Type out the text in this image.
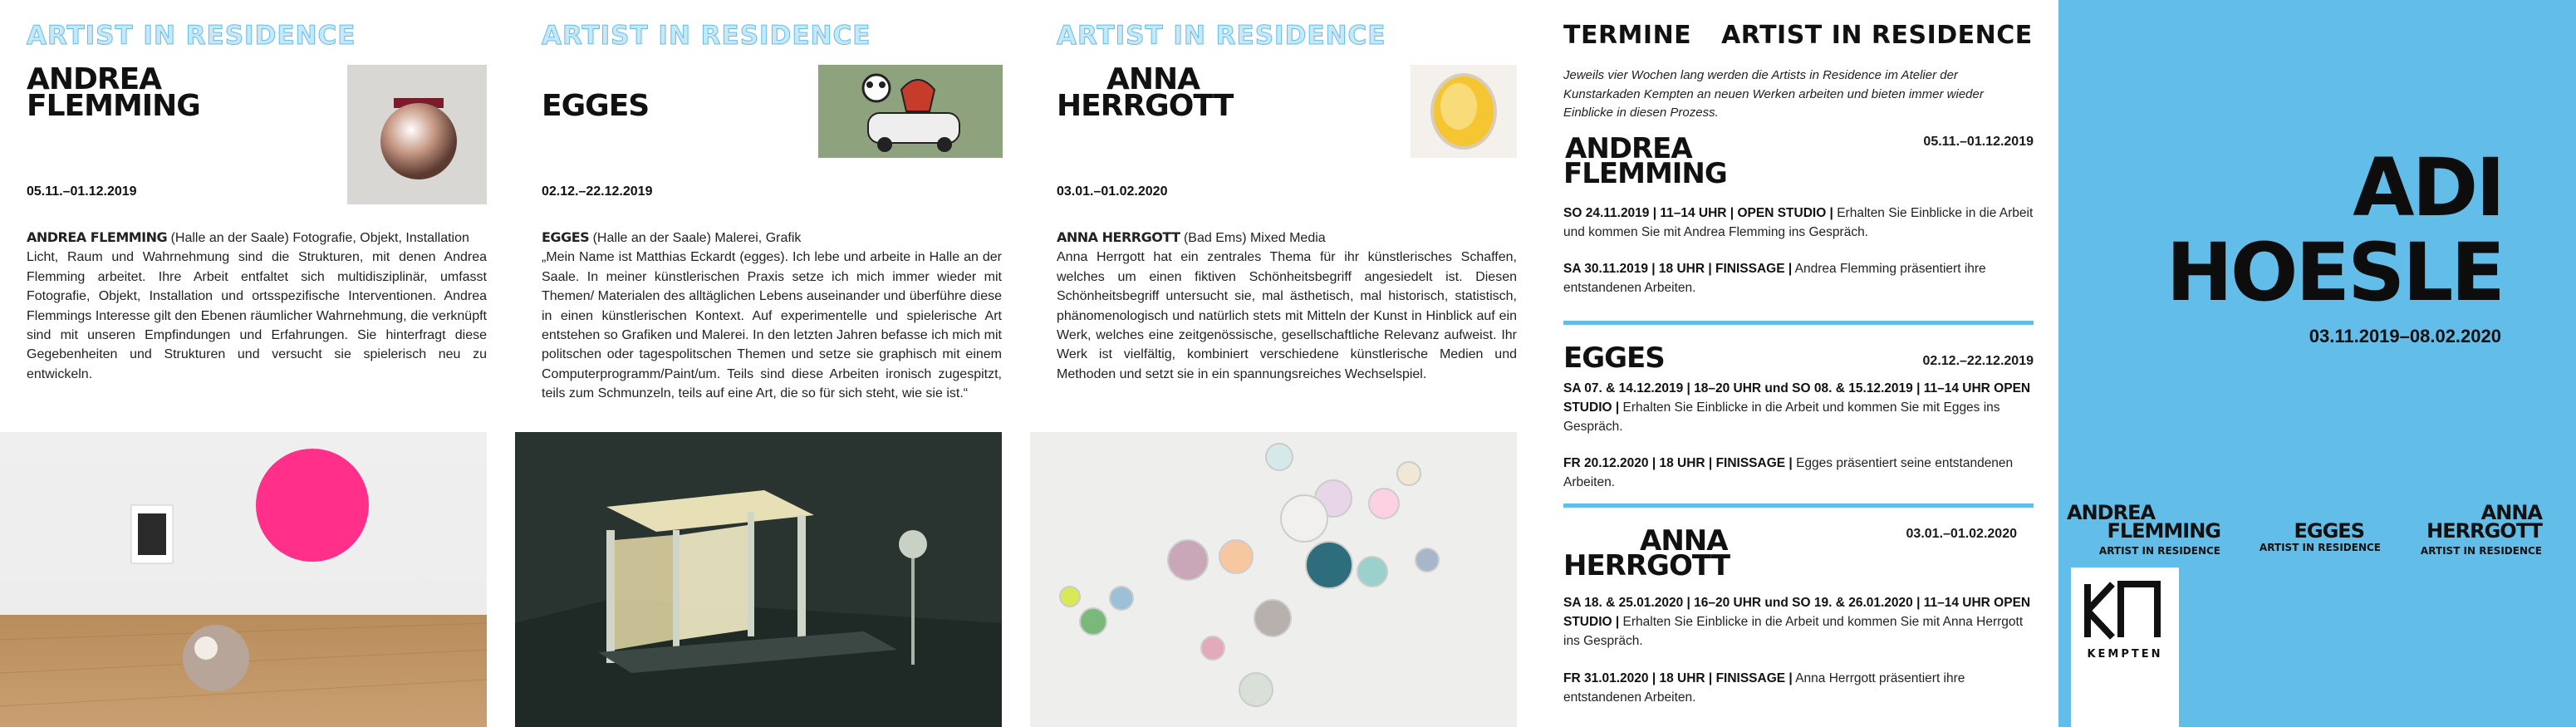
ARTIST IN RESIDENCE
ANDREA
FLEMMING
05.11.–01.12.2019
ANDREA FLEMMING (Halle an der Saale) Fotografie, Objekt, Installation
Licht, Raum und Wahrnehmung sind die Strukturen, mit denen Andrea Flemming arbeitet. Ihre Arbeit entfaltet sich multidisziplinär, umfasst Fotografie, Objekt, Installation und ortsspezifische Interventionen. Andrea Flemmings Interesse gilt den Ebenen räumlicher Wahrnehmung, die verknüpft sind mit unseren Empfindungen und Erfahrungen. Sie hinterfragt diese Gegebenheiten und Strukturen und versucht sie spielerisch neu zu entwickeln.
ARTIST IN RESIDENCE
EGGES
02.12.–22.12.2019
EGGES (Halle an der Saale) Malerei, Grafik
„Mein Name ist Matthias Eckardt (egges). Ich lebe und arbeite in Halle an der Saale. In meiner künstlerischen Praxis setze ich mich immer wieder mit Themen/ Materialen des alltäglichen Lebens auseinander und überführe diese in einen künstlerischen Kontext. Auf experimentelle und spielerische Art entstehen so Grafiken und Malerei. In den letzten Jahren befasse ich mich mit politschen oder tagespolitschen Themen und setze sie graphisch mit einem Computerprogramm/Paint/um. Teils sind diese Arbeiten ironisch zugespitzt, teils zum Schmunzeln, teils auf eine Art, die so für sich steht, wie sie ist.“
ARTIST IN RESIDENCE
ANNA
HERRGOTT
03.01.–01.02.2020
ANNA HERRGOTT (Bad Ems) Mixed Media
Anna Herrgott hat ein zentrales Thema für ihr künstlerisches Schaffen, welches um einen fiktiven Schönheitsbegriff angesiedelt ist. Diesen Schönheitsbegriff untersucht sie, mal ästhetisch, mal historisch, statistisch, phänomenologisch und natürlich stets mit Mitteln der Kunst in Hinblick auf ein Werk, welches eine zeitgenössische, gesellschaftliche Relevanz aufweist. Ihr Werk ist vielfältig, kombiniert verschiedene künstlerische Medien und Methoden und setzt sie in ein spannungsreiches Wechselspiel.
TERMINE ARTIST IN RESIDENCE
Jeweils vier Wochen lang werden die Artists in Residence im Atelier der Kunstarkaden Kempten an neuen Werken arbeiten und bieten immer wieder Einblicke in diesen Prozess.
ANDREA
FLEMMING
05.11.–01.12.2019
SO 24.11.2019 | 11–14 UHR | OPEN STUDIO | Erhalten Sie Einblicke in die Arbeit und kommen Sie mit Andrea Flemming ins Gespräch.
SA 30.11.2019 | 18 UHR | FINISSAGE | Andrea Flemming präsentiert ihre entstandenen Arbeiten.
EGGES	02.12.–22.12.2019
SA 07. & 14.12.2019 | 18–20 UHR und SO 08. & 15.12.2019 | 11–14 UHR OPEN STUDIO | Erhalten Sie Einblicke in die Arbeit und kommen Sie mit Egges ins Gespräch.
FR 20.12.2020 | 18 UHR | FINISSAGE | Egges präsentiert seine entstandenen Arbeiten.
ANNA
HERRGOTT
03.01.–01.02.2020
SA 18. & 25.01.2020 | 16–20 UHR und SO 19. & 26.01.2020 | 11–14 UHR OPEN STUDIO | Erhalten Sie Einblicke in die Arbeit und kommen Sie mit Anna Herrgott ins Gespräch.
FR 31.01.2020 | 18 UHR | FINISSAGE | Anna Herrgott präsentiert ihre entstandenen Arbeiten.
ADI
HOESLE
03.11.2019–08.02.2020
ANDREA
FLEMMING
ARTIST IN RESIDENCE
EGGES
ARTIST IN RESIDENCE
ANNA
HERRGOTT
ARTIST IN RESIDENCE
KEMPTEN
